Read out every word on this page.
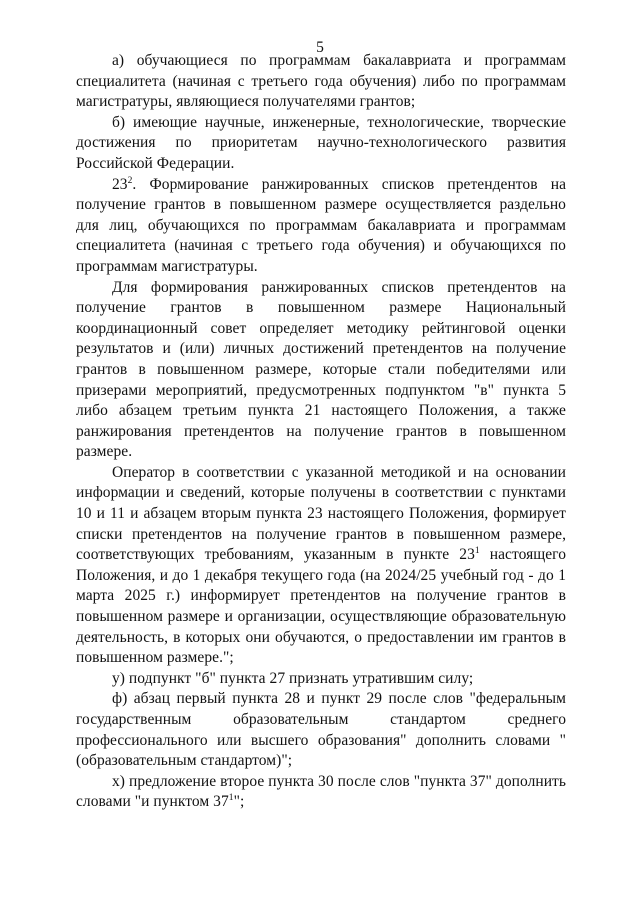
5

а) обучающиеся по программам бакалавриата и программам специалитета (начиная с третьего года обучения) либо по программам магистратуры, являющиеся получателями грантов;

б) имеющие научные, инженерные, технологические, творческие достижения по приоритетам научно-технологического развития Российской Федерации.

$23^2$. Формирование ранжированных списков претендентов на получение грантов в повышенном размере осуществляется раздельно для лиц, обучающихся по программам бакалавриата и программам специалитета (начиная с третьего года обучения) и обучающихся по программам магистратуры.

Для формирования ранжированных списков претендентов на получение грантов в повышенном размере Национальный координационный совет определяет методику рейтинговой оценки результатов и (или) личных достижений претендентов на получение грантов в повышенном размере, которые стали победителями или призерами мероприятий, предусмотренных подпунктом "в" пункта 5 либо абзацем третьим пункта 21 настоящего Положения, а также ранжирования претендентов на получение грантов в повышенном размере.

Оператор в соответствии с указанной методикой и на основании информации и сведений, которые получены в соответствии с пунктами 10 и 11 и абзацем вторым пункта 23 настоящего Положения, формирует списки претендентов на получение грантов в повышенном размере, соответствующих требованиям, указанным в пункте $23^1$ настоящего Положения, и до 1 декабря текущего года (на 2024/25 учебный год - до 1 марта 2025 г.) информирует претендентов на получение грантов в повышенном размере и организации, осуществляющие образовательную деятельность, в которых они обучаются, о предоставлении им грантов в повышенном размере.";

у) подпункт "б" пункта 27 признать утратившим силу;

ф) абзац первый пункта 28 и пункт 29 после слов "федеральным государственным образовательным стандартом среднего профессионального или высшего образования" дополнить словами "(образовательным стандартом)";

х) предложение второе пункта 30 после слов "пункта 37" дополнить словами "и пунктом $37^1$";
